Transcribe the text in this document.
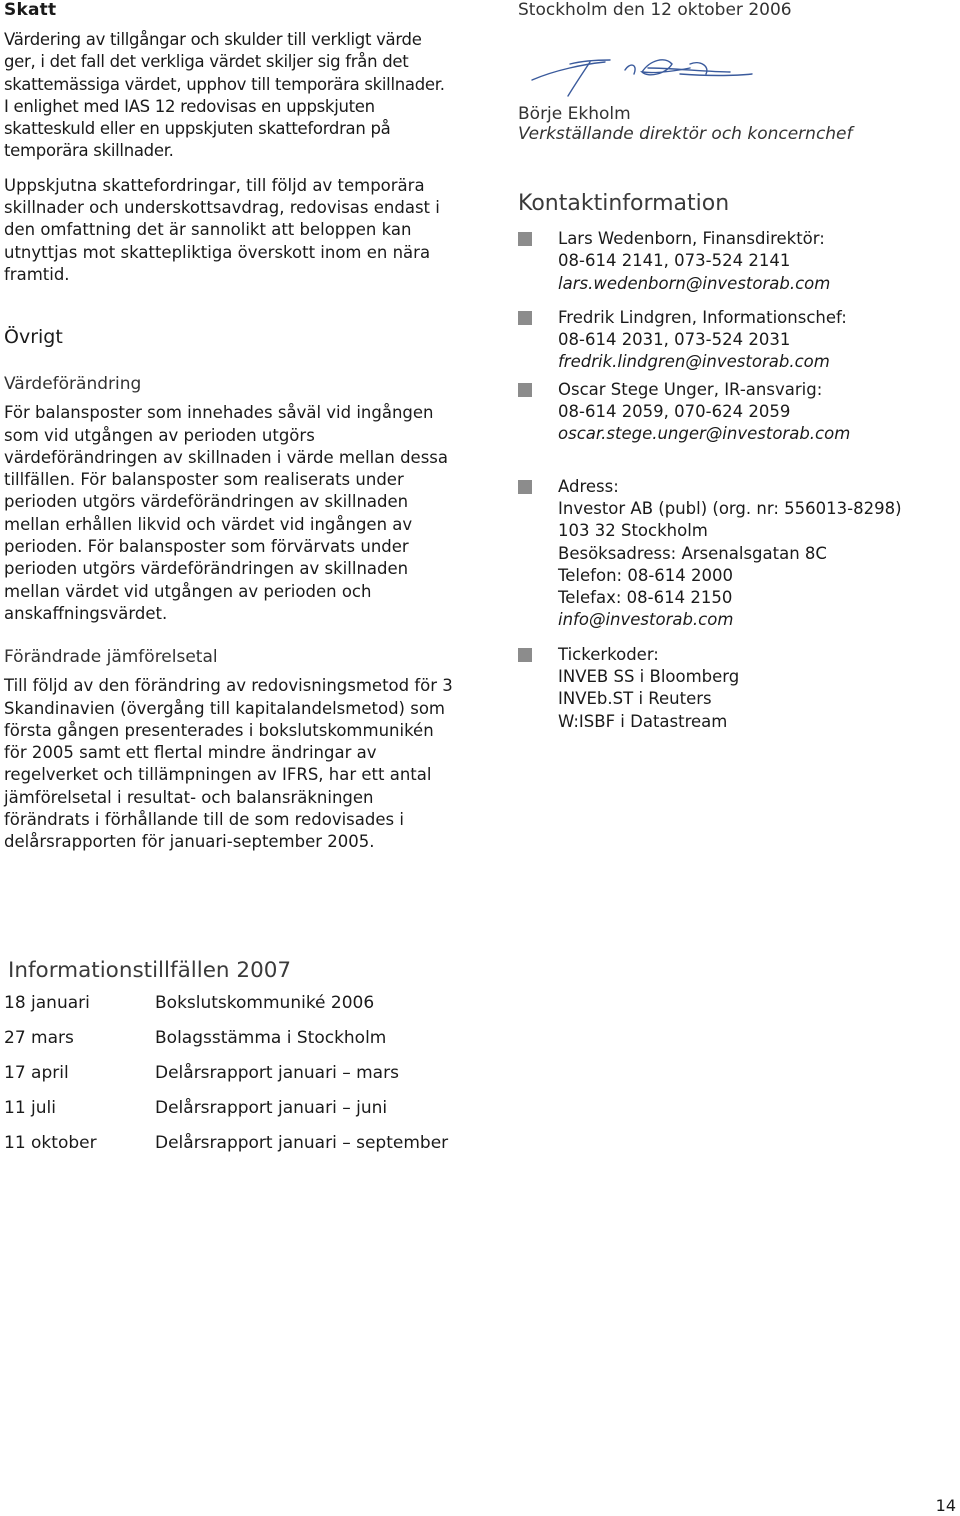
Skatt

Värdering av tillgångar och skulder till verkligt värde ger, i det fall det verkliga värdet skiljer sig från det skattemässiga värdet, upphov till temporära skillnader. I enlighet med IAS 12 redovisas en uppskjuten skatteskuld eller en uppskjuten skattefordran på temporära skillnader.

Uppskjutna skattefordringar, till följd av temporära skillnader och underskottsavdrag, redovisas endast i den omfattning det är sannolikt att beloppen kan utnyttjas mot skattepliktiga överskott inom en nära framtid.

Övrigt
Värdeförändring

För balansposter som innehades såväl vid ingången som vid utgången av perioden utgörs värdeförändringen av skillnaden i värde mellan dessa tillfällen. För balansposter som realiserats under perioden utgörs värdeförändringen av skillnaden mellan erhållen likvid och värdet vid ingången av perioden. För balansposter som förvärvats under perioden utgörs värdeförändringen av skillnaden mellan värdet vid utgången av perioden och anskaffningsvärdet.

Förändrade jämförelsetal

Till följd av den förändring av redovisningsmetod för 3 Skandinavien (övergång till kapitalandelsmetod) som första gången presenterades i bokslutskommunikén för 2005 samt ett flertal mindre ändringar av regelverket och tillämpningen av IFRS, har ett antal jämförelsetal i resultat- och balansräkningen förändrats i förhållande till de som redovisades i delårsrapporten för januari-september 2005.

Stockholm den 12 oktober 2006
Börje Ekholm
Verkställande direktör och koncernchef
Kontaktinformation

Lars Wedenborn, Finansdirektör:

08-614 2141, 073-524 2141

lars.wedenborn@investorab.com

Fredrik Lindgren, Informationschef:

08-614 2031, 073-524 2031

fredrik.lindgren@investorab.com

Oscar Stege Unger, IR-ansvarig:

08-614 2059, 070-624 2059

oscar.stege.unger@investorab.com

Adress:

Investor AB (publ) (org. nr: 556013-8298)

103 32 Stockholm

Besöksadress: Arsenalsgatan 8C

Telefon: 08-614 2000

Telefax: 08-614 2150

info@investorab.com

Tickerkoder:

INVEB SS i Bloomberg

INVEb.ST i Reuters

W:ISBF i Datastream

Informationstillfällen 2007
18 januari	Bokslutskommuniké 2006
27 mars	Bolagsstämma i Stockholm
17 april	Delårsrapport januari – mars
11 juli	Delårsrapport januari – juni
11 oktober	Delårsrapport januari – september
14
